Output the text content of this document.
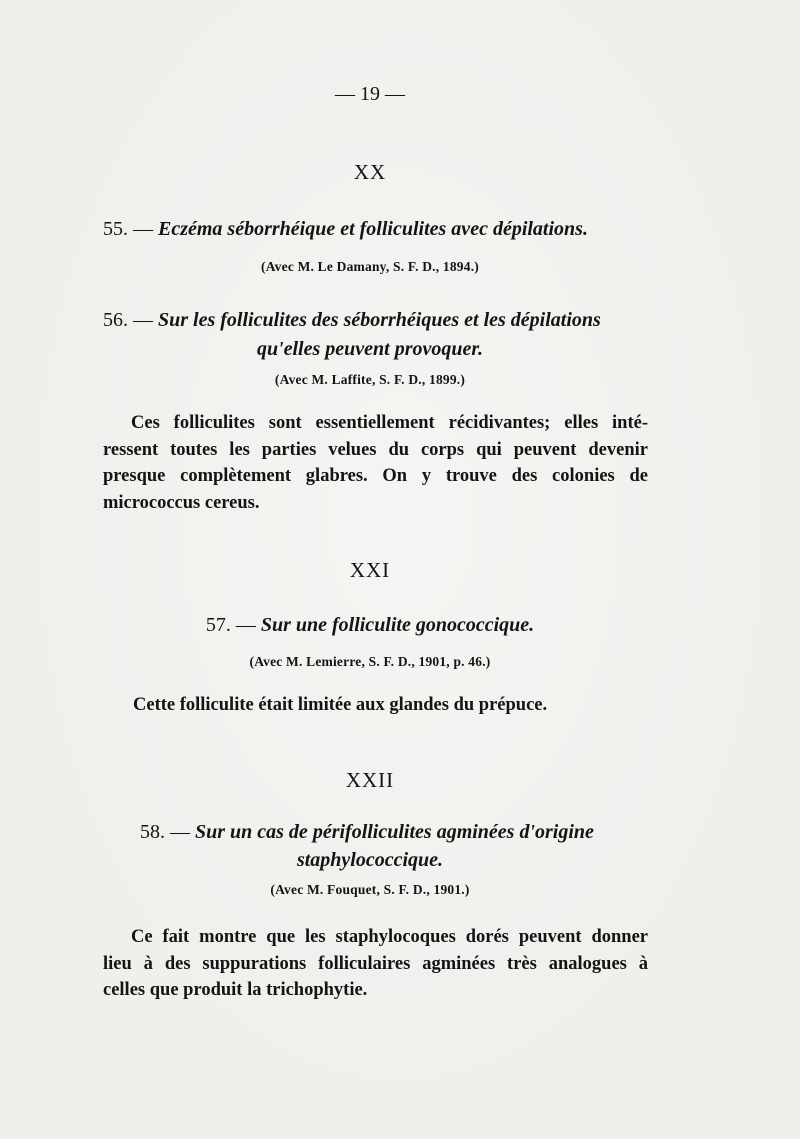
— 19 —
XX
55. — Eczéma séborrhéique et folliculites avec dépilations.
(Avec M. Le Damany, S. F. D., 1894.)
56. — Sur les folliculites des séborrhéiques et les dépilations
qu'elles peuvent provoquer.
(Avec M. Laffite, S. F. D., 1899.)
Ces folliculites sont essentiellement récidivantes; elles inté-
ressent toutes les parties velues du corps qui peuvent devenir
presque complètement glabres. On y trouve des colonies de
micrococcus cereus.
XXI
57. — Sur une folliculite gonococcique.
(Avec M. Lemierre, S. F. D., 1901, p. 46.)
Cette folliculite était limitée aux glandes du prépuce.
XXII
58. — Sur un cas de périfolliculites agminées d'origine
staphylococcique.
(Avec M. Fouquet, S. F. D., 1901.)
Ce fait montre que les staphylocoques dorés peuvent donner
lieu à des suppurations folliculaires agminées très analogues à
celles que produit la trichophytie.
